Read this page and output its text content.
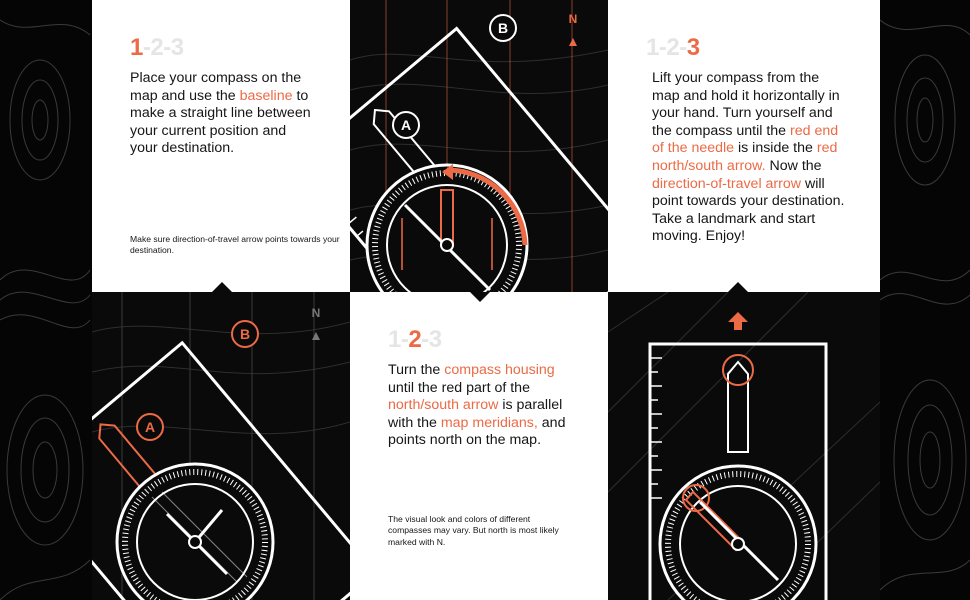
1-2-3
Place your compass on the map and use the baseline to make a straight line between your current position and your destination.
Make sure direction-of-travel arrow points towards your destination.
A
B
N
1-2-3
Lift your compass from the map and hold it horizontally in your hand. Turn yourself and the compass until the red end of the needle is inside the red north/south arrow. Now the direction-of-travel arrow will point towards your destination. Take a landmark and start moving. Enjoy!
A
B
N
1-2-3
Turn the compass housing until the red part of the north/south arrow is parallel with the map meridians, and points north on the map.
The visual look and colors of different compasses may vary. But north is most likely marked with N.
